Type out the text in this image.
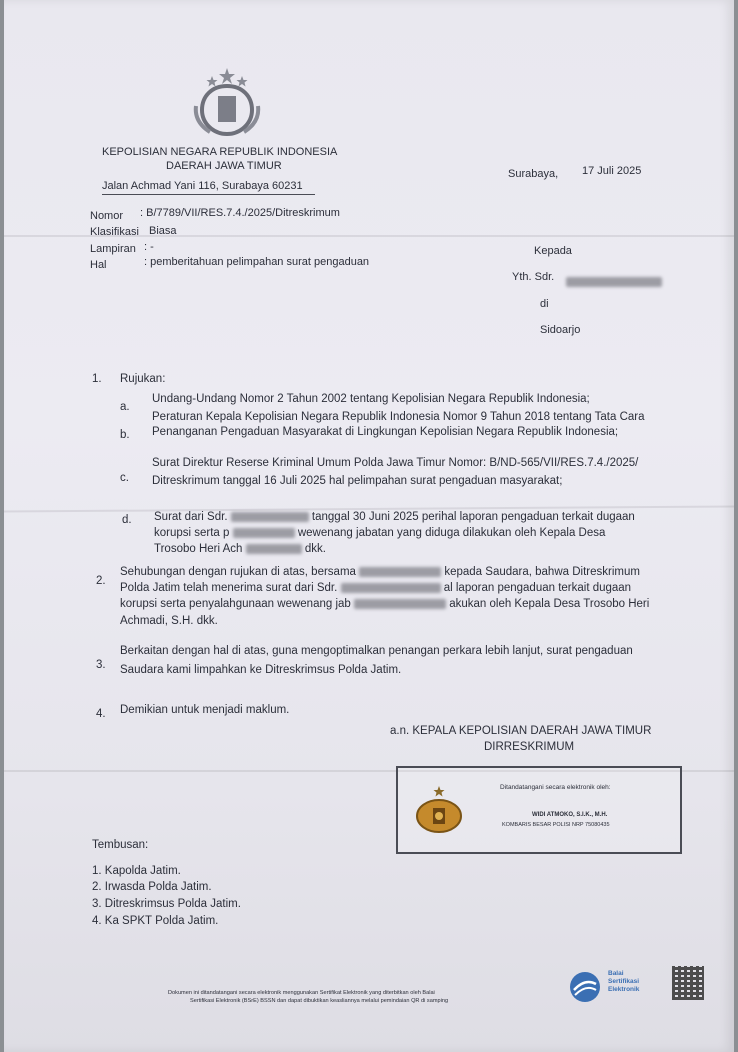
KEPOLISIAN NEGARA REPUBLIK INDONESIA
DAERAH JAWA TIMUR
Jalan Achmad Yani 116, Surabaya 60231
Surabaya, 17 Juli 2025
Nomor : B/7789/VII/RES.7.4./2025/Ditreskrimum
Klasifikasi Biasa
Lampiran : -
Hal	: pemberitahuan pelimpahan surat pengaduan
Kepada
Yth. Sdr.
di
Sidoarjo
1. Rujukan:
a.
Undang-Undang Nomor 2 Tahun 2002 tentang Kepolisian Negara Republik Indonesia;
b.
Peraturan Kepala Kepolisian Negara Republik Indonesia Nomor 9 Tahun 2018 tentang Tata Cara
Penanganan Pengaduan Masyarakat di Lingkungan Kepolisian Negara Republik Indonesia;
c.
Surat Direktur Reserse Kriminal Umum Polda Jawa Timur Nomor: B/ND-565/VII/RES.7.4./2025/
Ditreskrimum tanggal 16 Juli 2025 hal pelimpahan surat pengaduan masyarakat;
d. Surat dari Sdr.	tanggal 30 Juni 2025 perihal laporan pengaduan terkait dugaan
korupsi serta p	wewenang jabatan yang diduga dilakukan oleh Kepala Desa
Trosobo Heri Ach	dkk.
2.
Sehubungan dengan rujukan di atas, bersama	kepada Saudara, bahwa Ditreskrimum
Polda Jatim telah menerima surat dari Sdr.	al laporan pengaduan terkait dugaan
korupsi serta penyalahgunaan wewenang jab	akukan oleh Kepala Desa Trosobo Heri
Achmadi, S.H. dkk.
3.
Berkaitan dengan hal di atas, guna mengoptimalkan penangan perkara lebih lanjut, surat pengaduan
Saudara kami limpahkan ke Ditreskrimsus Polda Jatim.
4. Demikian untuk menjadi maklum.
a.n. KEPALA KEPOLISIAN DAERAH JAWA TIMUR
DIRRESKRIMUM
Ditandatangani secara elektronik oleh:
WIDI ATMOKO, S.I.K., M.H.
KOMBARIS BESAR POLISI NRP 75080435
Tembusan:
1. Kapolda Jatim.
2. Irwasda Polda Jatim.
3. Ditreskrimsus Polda Jatim.
4. Ka SPKT Polda Jatim.
Dokumen ini ditandatangani secara elektronik menggunakan Sertifikat Elektronik yang diterbitkan oleh Balai
Sertifikasi Elektronik (BSrE) BSSN dan dapat dibuktikan keasliannya melalui pemindaian QR di samping
Balai
Sertifikasi
Elektronik
